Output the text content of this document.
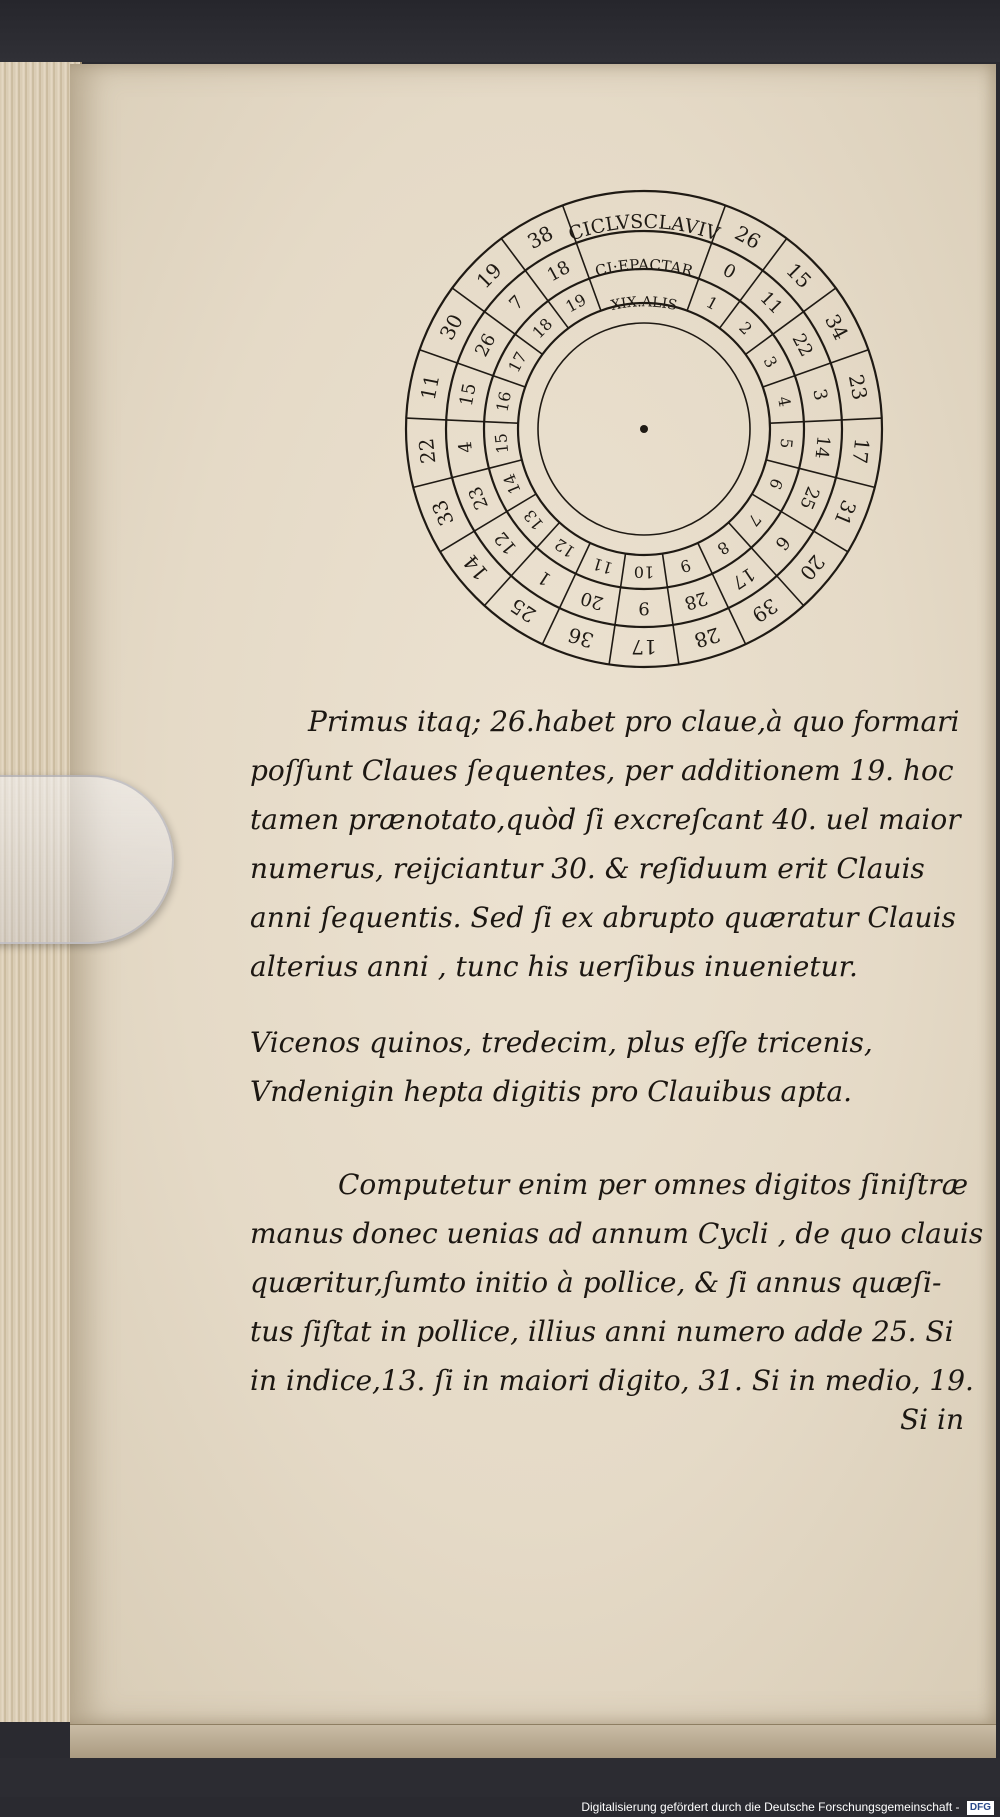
26
15
34
23
17
31
20
39
28
17
36
25
14
33
22
11
30
19
38
0
11
22
3
14
25
6
17
28
9
20
1
12
23
4
15
26
7
18
1
2
3
4
5
6
7
8
9
10
11
12
13
14
15
16
17
18
19
CICLVSCLAVIV
CI:EPACTAR
XIX.ALIS
Primus itaq; 26.habet pro claue,à quo formari
poſſunt Claues ſequentes, per additionem 19. hoc
tamen prænotato,quòd ſi excreſcant 40. uel maior
numerus, reijciantur 30. & reſiduum erit Clauis
anni ſequentis. Sed ſi ex abrupto quæratur Clauis
alterius anni , tunc his uerſibus inuenietur.
Vicenos quinos, tredecim, plus eſſe tricenis,
Vndenigin hepta digitis pro Clauibus apta.
Computetur enim per omnes digitos ſiniſtræ
manus donec uenias ad annum Cycli , de quo clauis
quæritur,ſumto initio à pollice, & ſi annus quæſi-
tus ſiſtat in pollice, illius anni numero adde 25. Si
in indice,13. ſi in maiori digito, 31. Si in medio, 19.
Si in
Digitalisierung gefördert durch die Deutsche Forschungsgemeinschaft - DFG
